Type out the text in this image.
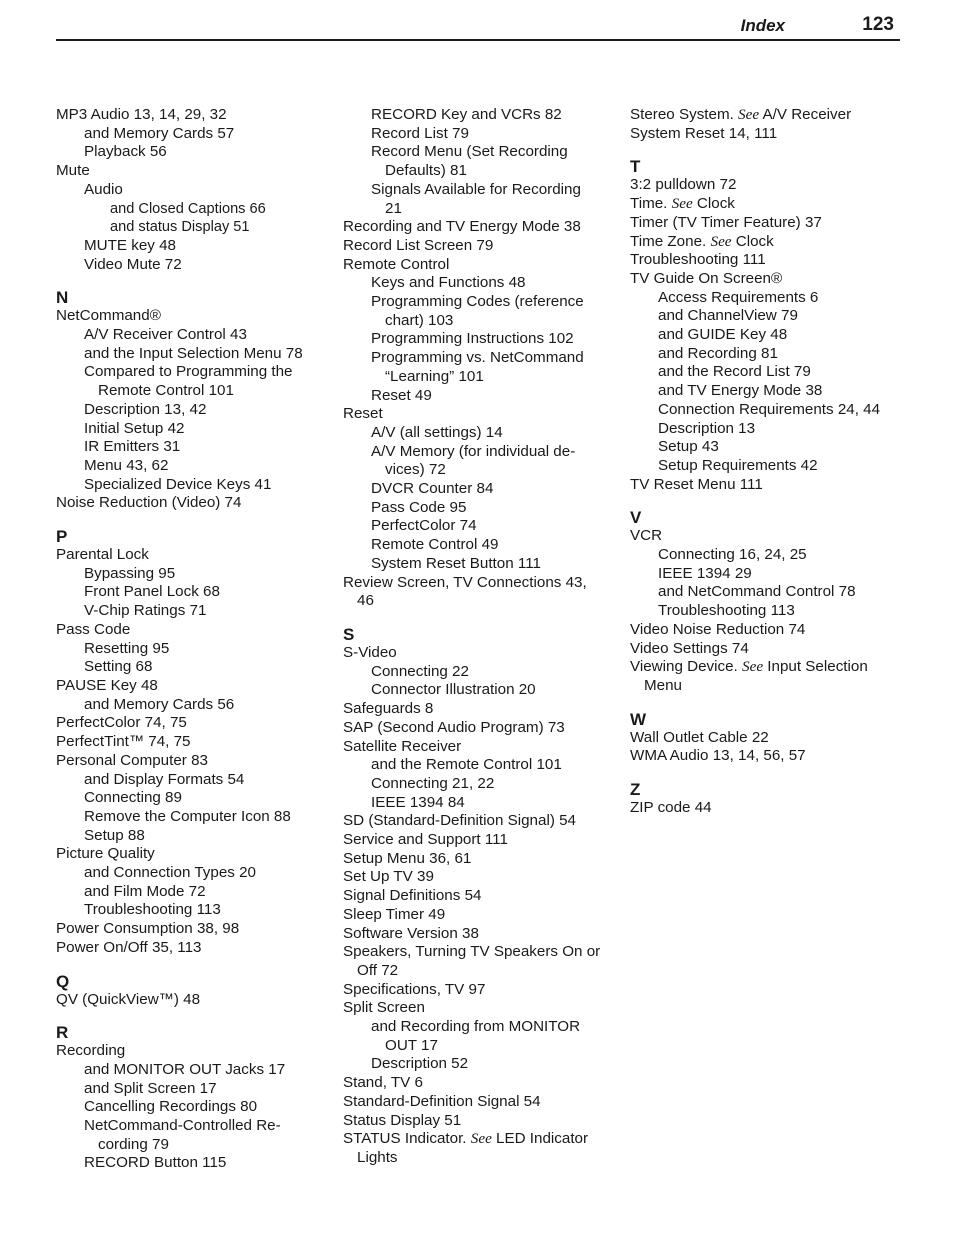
Index	123

MP3 Audio 13, 14, 29, 32

and Memory Cards 57

Playback 56

Mute

Audio

and Closed Captions 66

and status Display 51

MUTE key 48

Video Mute 72

N

NetCommand®

A/V Receiver Control 43

and the Input Selection Menu 78

Compared to Programming the

Remote Control 101

Description 13, 42

Initial Setup 42

IR Emitters 31

Menu 43, 62

Specialized Device Keys 41

Noise Reduction (Video) 74

P

Parental Lock

Bypassing 95

Front Panel Lock 68

V-Chip Ratings 71

Pass Code

Resetting 95

Setting 68

PAUSE Key 48

and Memory Cards 56

PerfectColor 74, 75

PerfectTint™ 74, 75

Personal Computer 83

and Display Formats 54

Connecting 89

Remove the Computer Icon 88

Setup 88

Picture Quality

and Connection Types 20

and Film Mode 72

Troubleshooting 113

Power Consumption 38, 98

Power On/Off 35, 113

Q

QV (QuickView™) 48

R

Recording

and MONITOR OUT Jacks 17

and Split Screen 17

Cancelling Recordings 80

NetCommand-Controlled Re-

cording 79

RECORD Button 115

RECORD Key and VCRs 82

Record List 79

Record Menu (Set Recording

Defaults) 81

Signals Available for Recording

21

Recording and TV Energy Mode 38

Record List Screen 79

Remote Control

Keys and Functions 48

Programming Codes (reference

chart) 103

Programming Instructions 102

Programming vs. NetCommand

“Learning” 101

Reset 49

Reset

A/V (all settings) 14

A/V Memory (for individual de-

vices) 72

DVCR Counter 84

Pass Code 95

PerfectColor 74

Remote Control 49

System Reset Button 111

Review Screen, TV Connections 43,

46

S

S-Video

Connecting 22

Connector Illustration 20

Safeguards 8

SAP (Second Audio Program) 73

Satellite Receiver

and the Remote Control 101

Connecting 21, 22

IEEE 1394 84

SD (Standard-Definition Signal) 54

Service and Support 111

Setup Menu 36, 61

Set Up TV 39

Signal Definitions 54

Sleep Timer 49

Software Version 38

Speakers, Turning TV Speakers On or

Off 72

Specifications, TV 97

Split Screen

and Recording from MONITOR

OUT 17

Description 52

Stand, TV 6

Standard-Definition Signal 54

Status Display 51

STATUS Indicator. See LED Indicator

Lights

Stereo System. See A/V Receiver

System Reset 14, 111

T

3:2 pulldown 72

Time. See Clock

Timer (TV Timer Feature) 37

Time Zone. See Clock

Troubleshooting 111

TV Guide On Screen®

Access Requirements 6

and ChannelView 79

and GUIDE Key 48

and Recording 81

and the Record List 79

and TV Energy Mode 38

Connection Requirements 24, 44

Description 13

Setup 43

Setup Requirements 42

TV Reset Menu 111

V

VCR

Connecting 16, 24, 25

IEEE 1394 29

and NetCommand Control 78

Troubleshooting 113

Video Noise Reduction 74

Video Settings 74

Viewing Device. See Input Selection

Menu

W

Wall Outlet Cable 22

WMA Audio 13, 14, 56, 57

Z

ZIP code 44
